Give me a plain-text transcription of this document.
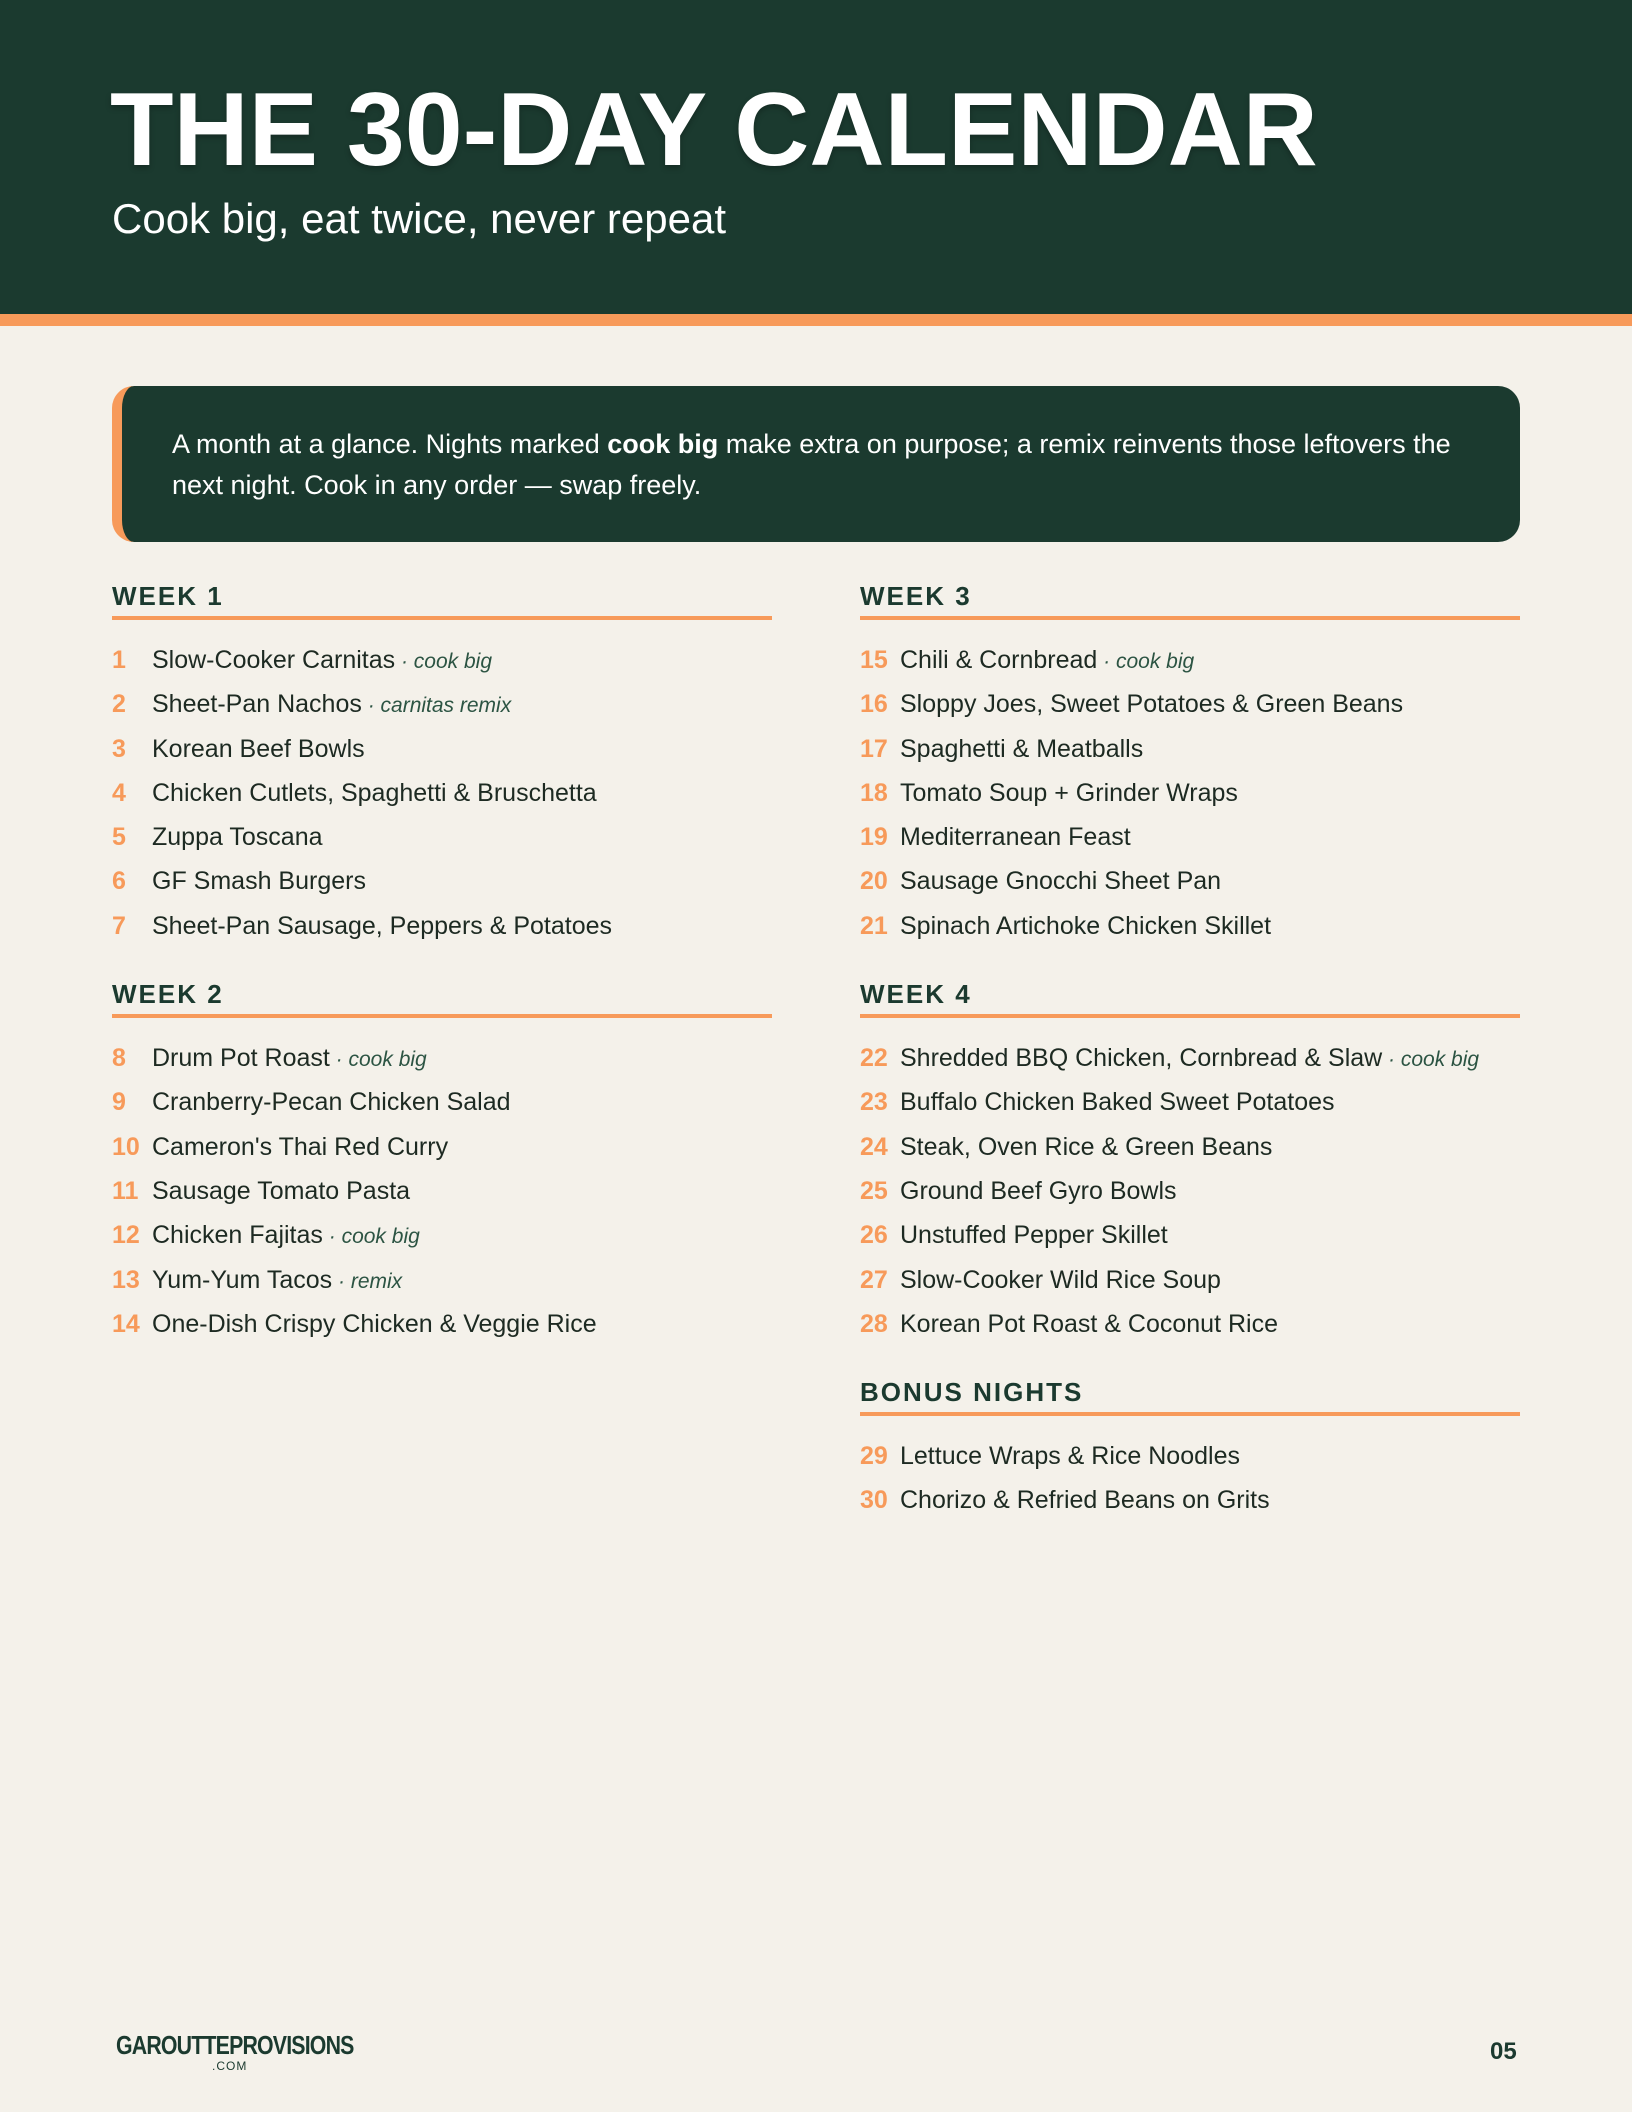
THE 30-DAY CALENDAR
Cook big, eat twice, never repeat
A month at a glance. Nights marked cook big make extra on purpose; a remix reinvents those leftovers the next night. Cook in any order — swap freely.
WEEK 1
1 Slow-Cooker Carnitas · cook big
2 Sheet-Pan Nachos · carnitas remix
3 Korean Beef Bowls
4 Chicken Cutlets, Spaghetti & Bruschetta
5 Zuppa Toscana
6 GF Smash Burgers
7 Sheet-Pan Sausage, Peppers & Potatoes
WEEK 2
8 Drum Pot Roast · cook big
9 Cranberry-Pecan Chicken Salad
10 Cameron's Thai Red Curry
11 Sausage Tomato Pasta
12 Chicken Fajitas · cook big
13 Yum-Yum Tacos · remix
14 One-Dish Crispy Chicken & Veggie Rice
WEEK 3
15 Chili & Cornbread · cook big
16 Sloppy Joes, Sweet Potatoes & Green Beans
17 Spaghetti & Meatballs
18 Tomato Soup + Grinder Wraps
19 Mediterranean Feast
20 Sausage Gnocchi Sheet Pan
21 Spinach Artichoke Chicken Skillet
WEEK 4
22 Shredded BBQ Chicken, Cornbread & Slaw · cook big
23 Buffalo Chicken Baked Sweet Potatoes
24 Steak, Oven Rice & Green Beans
25 Ground Beef Gyro Bowls
26 Unstuffed Pepper Skillet
27 Slow-Cooker Wild Rice Soup
28 Korean Pot Roast & Coconut Rice
BONUS NIGHTS
29 Lettuce Wraps & Rice Noodles
30 Chorizo & Refried Beans on Grits
GAROUTTEPROVISIONS
.COM
05
